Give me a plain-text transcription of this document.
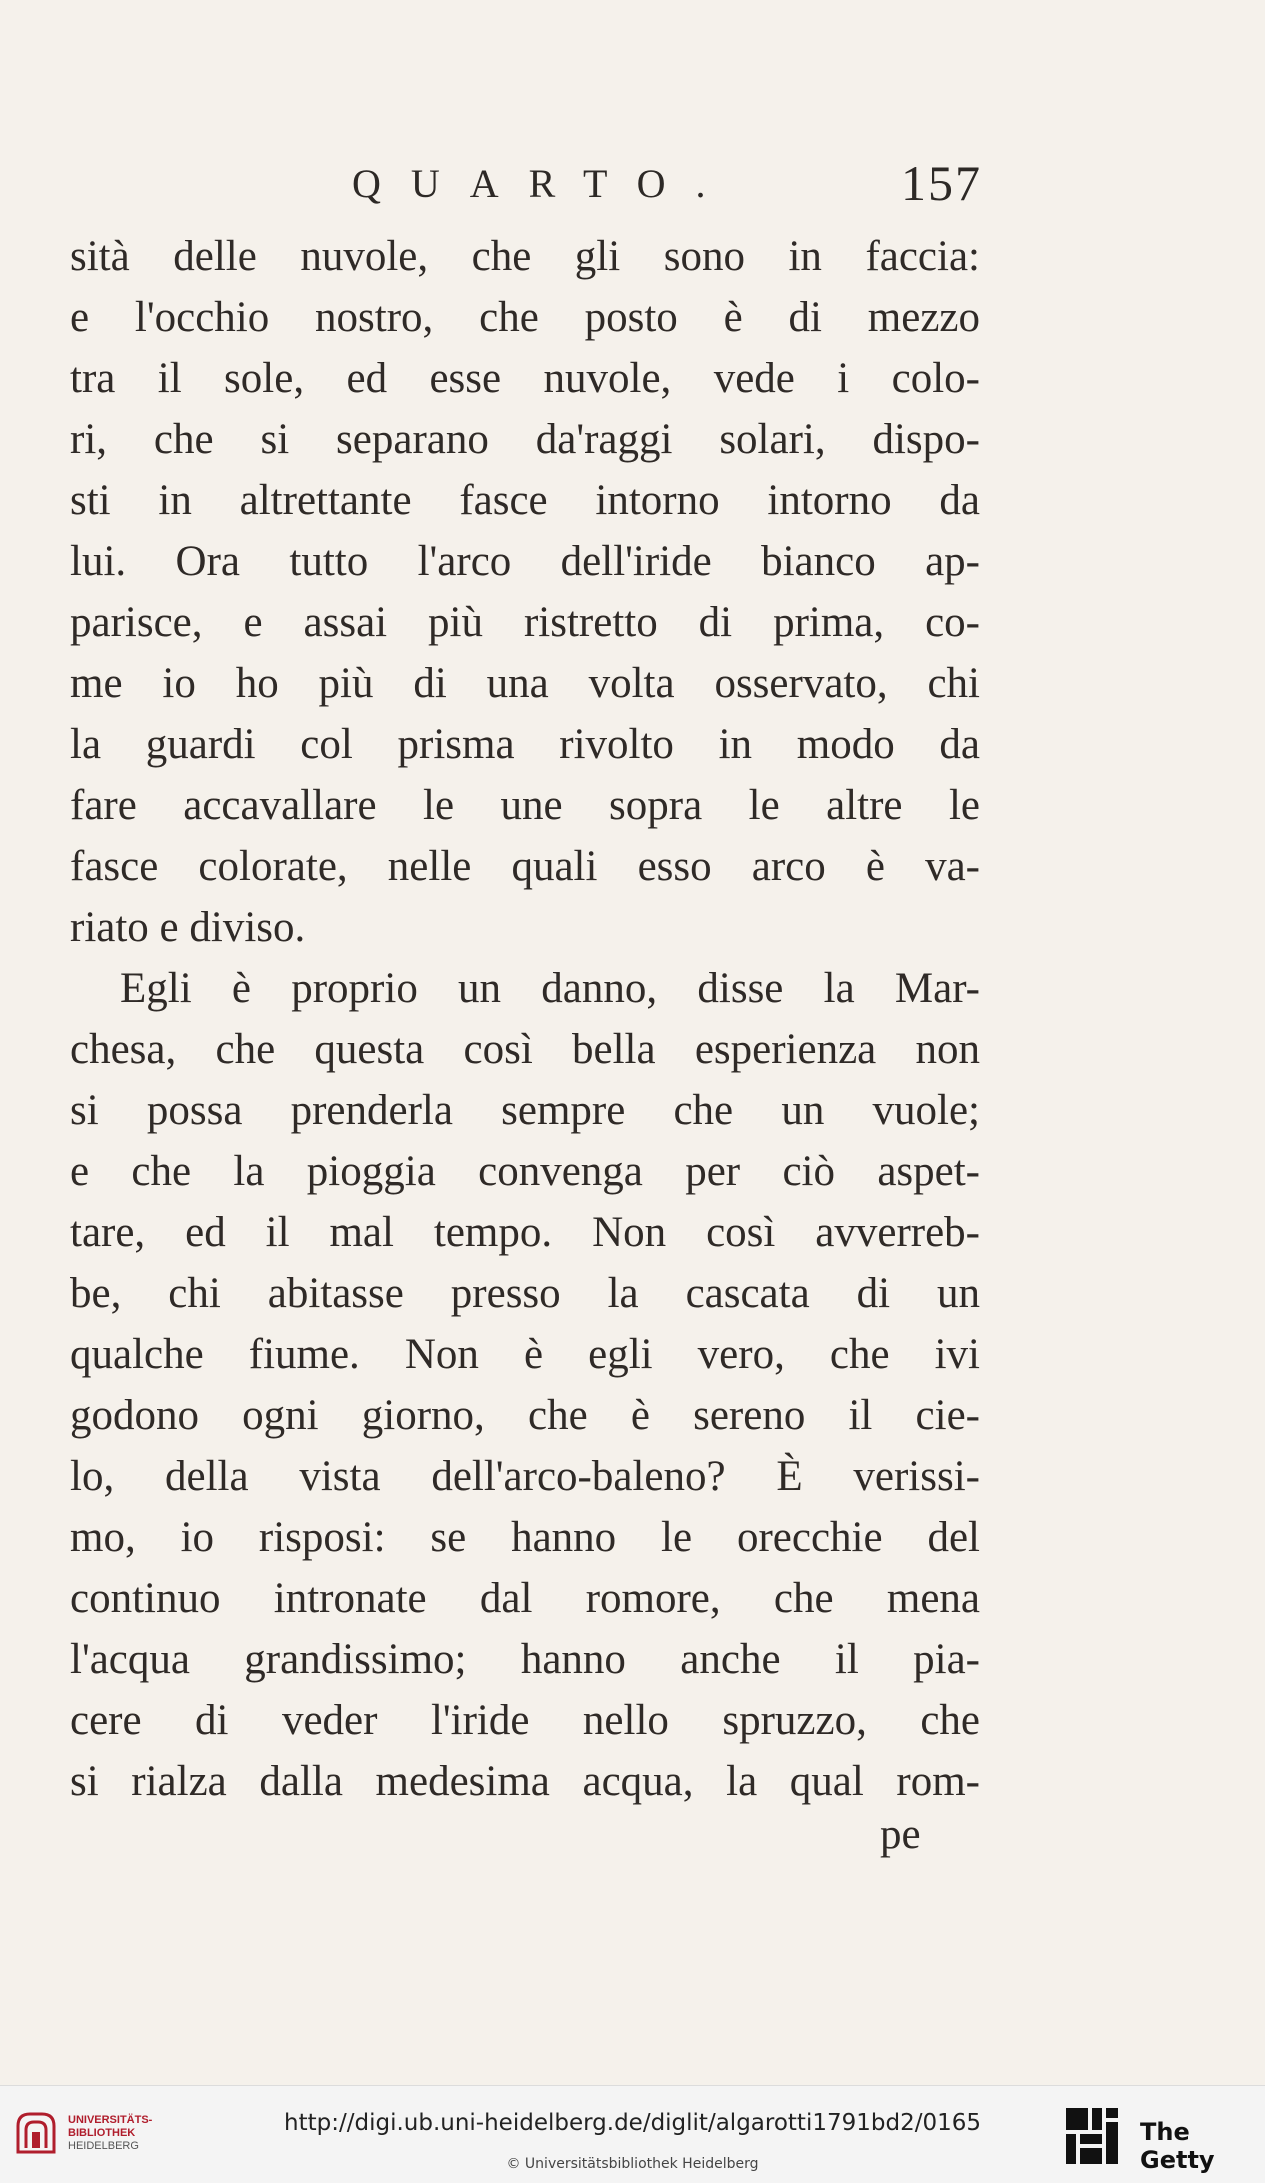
QUARTO.	157
sità delle nuvole, che gli sono in faccia:
e l'occhio nostro, che posto è di mezzo
tra il sole, ed esse nuvole, vede i colo-
ri, che si separano da'raggi solari, dispo-
sti in altrettante fasce intorno intorno da
lui. Ora tutto l'arco dell'iride bianco ap-
parisce, e assai più ristretto di prima, co-
me io ho più di una volta osservato, chi
la guardi col prisma rivolto in modo da
fare accavallare le une sopra le altre le
fasce colorate, nelle quali esso arco è va-
riato e diviso.
Egli è proprio un danno, disse la Mar-
chesa, che questa così bella esperienza non
si possa prenderla sempre che un vuole;
e che la pioggia convenga per ciò aspet-
tare, ed il mal tempo. Non così avverreb-
be, chi abitasse presso la cascata di un
qualche fiume. Non è egli vero, che ivi
godono ogni giorno, che è sereno il cie-
lo, della vista dell'arco-baleno? È verissi-
mo, io risposi: se hanno le orecchie del
continuo intronate dal romore, che mena
l'acqua grandissimo; hanno anche il pia-
cere di veder l'iride nello spruzzo, che
si rialza dalla medesima acqua, la qual rom-
pe
UNIVERSITÄTS-
BIBLIOTHEK
HEIDELBERG
http://digi.ub.uni-heidelberg.de/diglit/algarotti1791bd2/0165
© Universitätsbibliothek Heidelberg
The Getty
